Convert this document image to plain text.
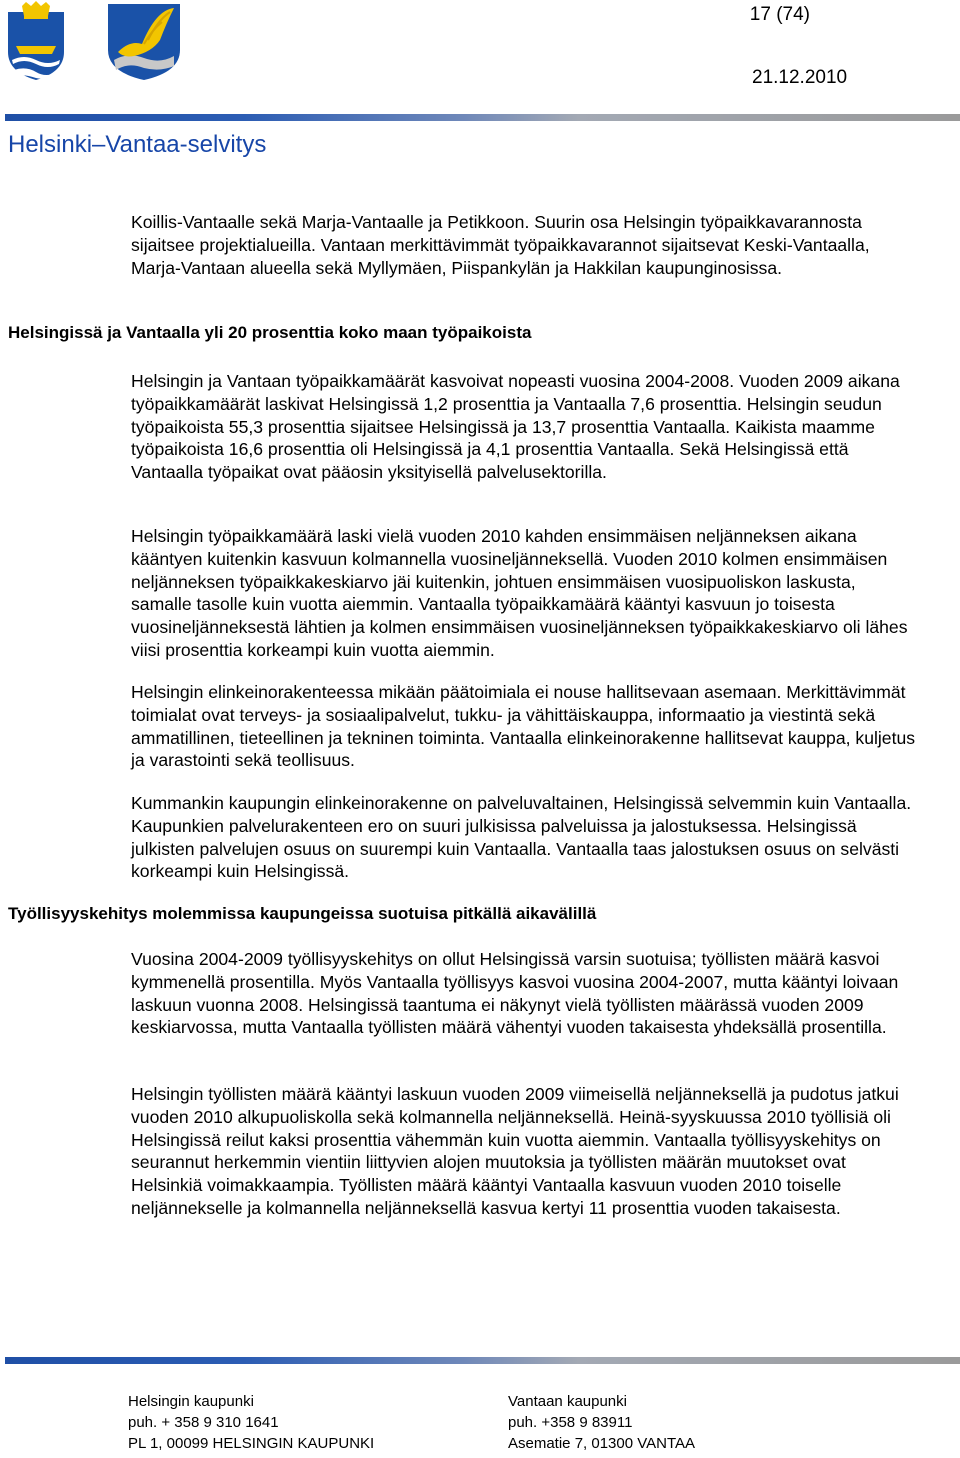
17 (74)
21.12.2010
Helsinki–Vantaa-selvitys

Koillis-Vantaalle sekä Marja-Vantaalle ja Petikkoon. Suurin osa Helsingin työpaikkavarannosta sijaitsee projektialueilla. Vantaan merkittävimmät työpaikkavarannot sijaitsevat Keski-Vantaalla, Marja-Vantaan alueella sekä Myllymäen, Piispankylän ja Hakkilan kaupunginosissa.

Helsingissä ja Vantaalla yli 20 prosenttia koko maan työpaikoista

Helsingin ja Vantaan työpaikkamäärät kasvoivat nopeasti vuosina 2004-2008. Vuoden 2009 aikana työpaikkamäärät laskivat Helsingissä 1,2 prosenttia ja Vantaalla 7,6 prosenttia. Helsingin seudun työpaikoista 55,3 prosenttia sijaitsee Helsingissä ja 13,7 prosenttia Vantaalla. Kaikista maamme työpaikoista 16,6 prosenttia oli Helsingissä ja 4,1 prosenttia Vantaalla. Sekä Helsingissä että Vantaalla työpaikat ovat pääosin yksityisellä palvelusektorilla.

Helsingin työpaikkamäärä laski vielä vuoden 2010 kahden ensimmäisen neljänneksen aikana kääntyen kuitenkin kasvuun kolmannella vuosineljänneksellä. Vuoden 2010 kolmen ensimmäisen neljänneksen työpaikkakeskiarvo jäi kuitenkin, johtuen ensimmäisen vuosipuoliskon laskusta, samalle tasolle kuin vuotta aiemmin. Vantaalla työpaikkamäärä kääntyi kasvuun jo toisesta vuosineljänneksestä lähtien ja kolmen ensimmäisen vuosineljänneksen työpaikkakeskiarvo oli lähes viisi prosenttia korkeampi kuin vuotta aiemmin.

Helsingin elinkeinorakenteessa mikään päätoimiala ei nouse hallitsevaan asemaan. Merkittävimmät toimialat ovat terveys- ja sosiaalipalvelut, tukku- ja vähittäiskauppa, informaatio ja viestintä sekä ammatillinen, tieteellinen ja tekninen toiminta. Vantaalla elinkeinorakenne hallitsevat kauppa, kuljetus ja varastointi sekä teollisuus.

Kummankin kaupungin elinkeinorakenne on palveluvaltainen, Helsingissä selvemmin kuin Vantaalla. Kaupunkien palvelurakenteen ero on suuri julkisissa palveluissa ja jalostuksessa. Helsingissä julkisten palvelujen osuus on suurempi kuin Vantaalla. Vantaalla taas jalostuksen osuus on selvästi korkeampi kuin Helsingissä.

Työllisyyskehitys molemmissa kaupungeissa suotuisa pitkällä aikavälillä

Vuosina 2004-2009 työllisyyskehitys on ollut Helsingissä varsin suotuisa; työllisten määrä kasvoi kymmenellä prosentilla. Myös Vantaalla työllisyys kasvoi vuosina 2004-2007, mutta kääntyi loivaan laskuun vuonna 2008. Helsingissä taantuma ei näkynyt vielä työllisten määrässä vuoden 2009 keskiarvossa, mutta Vantaalla työllisten määrä vähentyi vuoden takaisesta yhdeksällä prosentilla.

Helsingin työllisten määrä kääntyi laskuun vuoden 2009 viimeisellä neljänneksellä ja pudotus jatkui vuoden 2010 alkupuoliskolla sekä kolmannella neljänneksellä. Heinä-syyskuussa 2010 työllisiä oli Helsingissä reilut kaksi prosenttia vähemmän kuin vuotta aiemmin. Vantaalla työllisyyskehitys on seurannut herkemmin vientiin liittyvien alojen muutoksia ja työllisten määrän muutokset ovat Helsinkiä voimakkaampia. Työllisten määrä kääntyi Vantaalla kasvuun vuoden 2010 toiselle neljännekselle ja kolmannella neljänneksellä kasvua kertyi 11 prosenttia vuoden takaisesta.

Helsingin kaupunki
puh. + 358 9 310 1641
PL 1, 00099 HELSINGIN KAUPUNKI
Vantaan kaupunki
puh. +358 9 83911
Asematie 7, 01300 VANTAA
